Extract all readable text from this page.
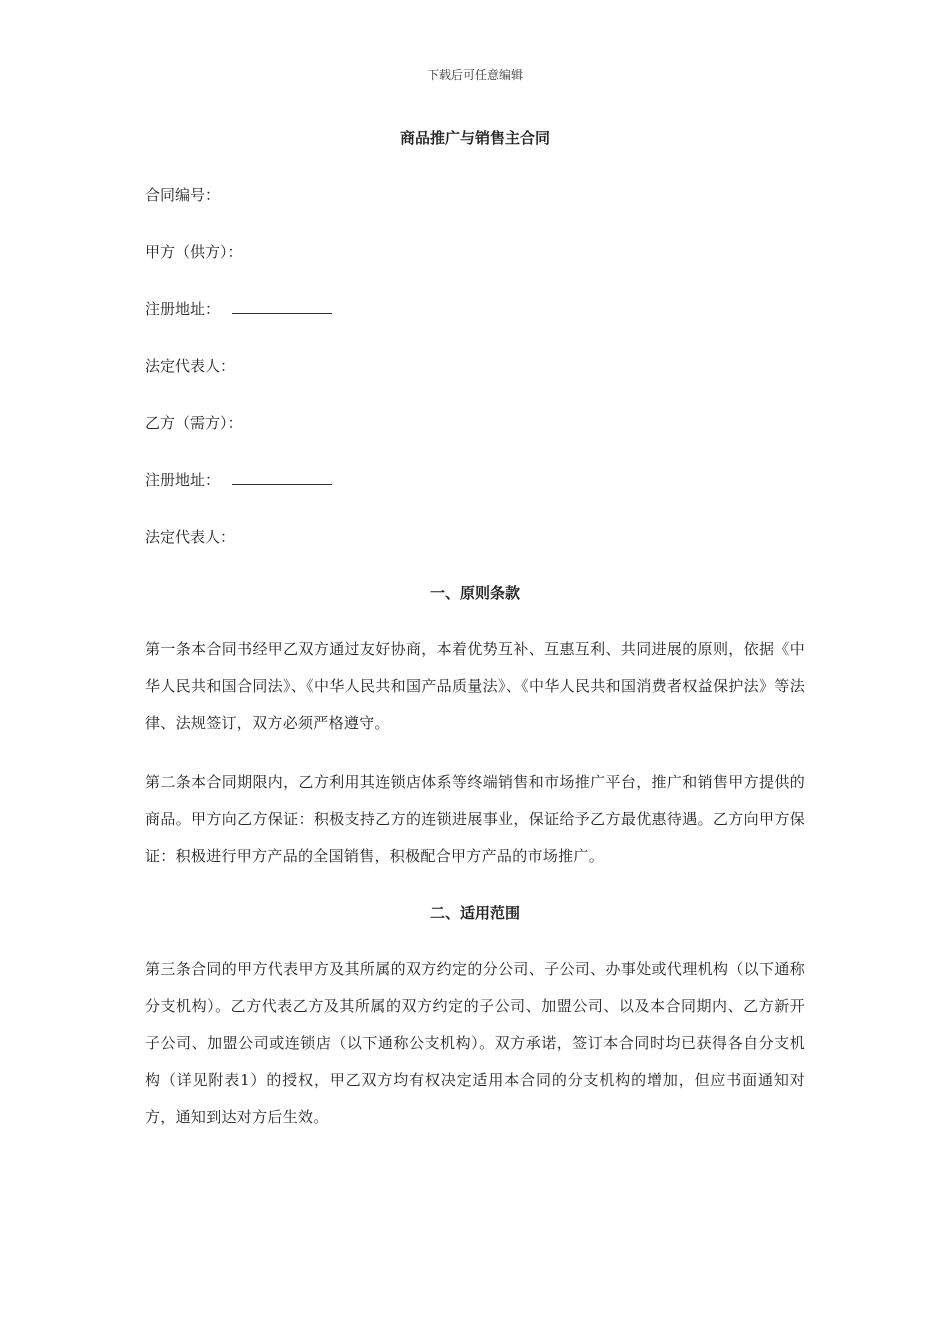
下载后可任意编辑
商品推广与销售主合同
合同编号：
甲方（供方）：
注册地址：
法定代表人：
乙方（需方）：
注册地址：
法定代表人：
一、原则条款
第一条本合同书经甲乙双方通过友好协商，本着优势互补、互惠互利、共同进展的原则，依据《中华人民共和国合同法》、《中华人民共和国产品质量法》、《中华人民共和国消费者权益保护法》等法律、法规签订，双方必须严格遵守。
第二条本合同期限内，乙方利用其连锁店体系等终端销售和市场推广平台，推广和销售甲方提供的商品。甲方向乙方保证：积极支持乙方的连锁进展事业，保证给予乙方最优惠待遇。乙方向甲方保证：积极进行甲方产品的全国销售，积极配合甲方产品的市场推广。
二、适用范围
第三条合同的甲方代表甲方及其所属的双方约定的分公司、子公司、办事处或代理机构（以下通称分支机构）。乙方代表乙方及其所属的双方约定的子公司、加盟公司、以及本合同期内、乙方新开子公司、加盟公司或连锁店（以下通称公支机构）。双方承诺，签订本合同时均已获得各自分支机构（详见附表1）的授权，甲乙双方均有权决定适用本合同的分支机构的增加，但应书面通知对方，通知到达对方后生效。
